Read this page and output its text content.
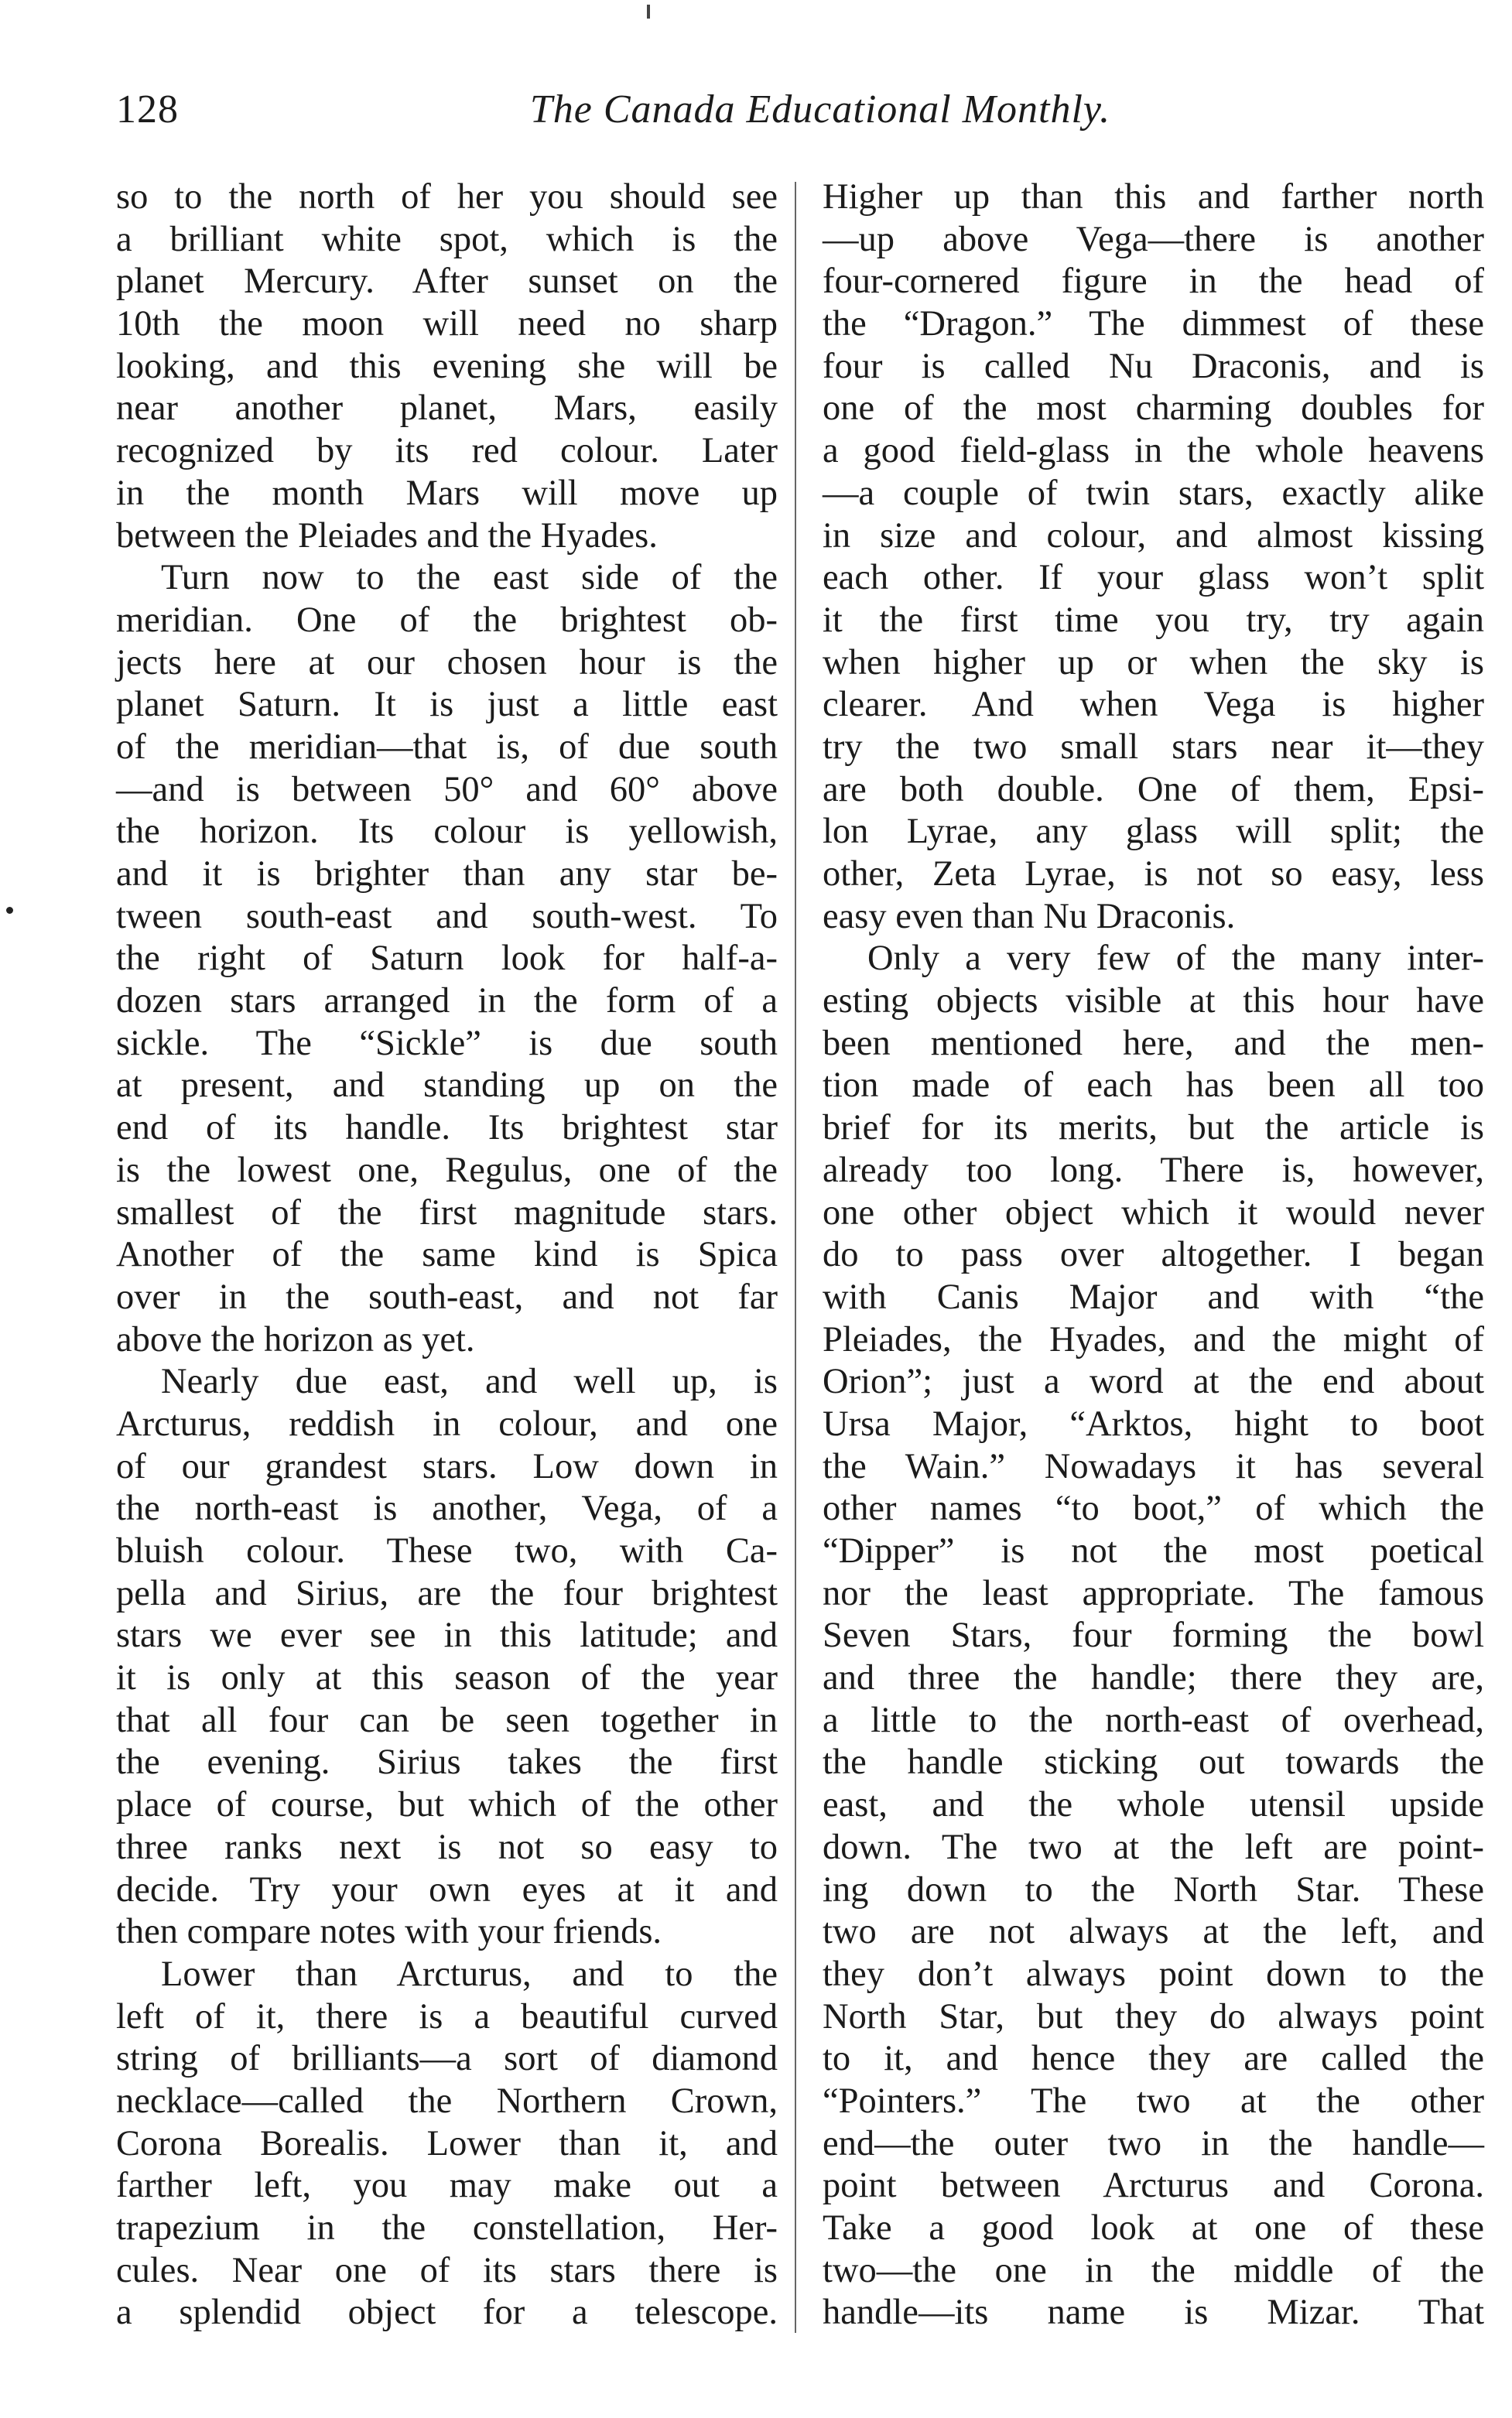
128	The Canada Educational Monthly.
so to the north of her you should see
a brilliant white spot, which is the
planet Mercury. After sunset on the
10th the moon will need no sharp
looking, and this evening she will be
near another planet, Mars, easily
recognized by its red colour. Later
in the month Mars will move up
between the Pleiades and the Hyades.
Turn now to the east side of the
meridian. One of the brightest ob-
jects here at our chosen hour is the
planet Saturn. It is just a little east
of the meridian—that is, of due south
—and is between 50° and 60° above
the horizon. Its colour is yellowish,
and it is brighter than any star be-
tween south-east and south-west. To
the right of Saturn look for half-a-
dozen stars arranged in the form of a
sickle. The “Sickle” is due south
at present, and standing up on the
end of its handle. Its brightest star
is the lowest one, Regulus, one of the
smallest of the first magnitude stars.
Another of the same kind is Spica
over in the south-east, and not far
above the horizon as yet.
Nearly due east, and well up, is
Arcturus, reddish in colour, and one
of our grandest stars. Low down in
the north-east is another, Vega, of a
bluish colour. These two, with Ca-
pella and Sirius, are the four brightest
stars we ever see in this latitude; and
it is only at this season of the year
that all four can be seen together in
the evening. Sirius takes the first
place of course, but which of the other
three ranks next is not so easy to
decide. Try your own eyes at it and
then compare notes with your friends.
Lower than Arcturus, and to the
left of it, there is a beautiful curved
string of brilliants—a sort of diamond
necklace—called the Northern Crown,
Corona Borealis. Lower than it, and
farther left, you may make out a
trapezium in the constellation, Her-
cules. Near one of its stars there is
a splendid object for a telescope.
Higher up than this and farther north
—up above Vega—there is another
four-cornered figure in the head of
the “Dragon.” The dimmest of these
four is called Nu Draconis, and is
one of the most charming doubles for
a good field-glass in the whole heavens
—a couple of twin stars, exactly alike
in size and colour, and almost kissing
each other. If your glass won’t split
it the first time you try, try again
when higher up or when the sky is
clearer. And when Vega is higher
try the two small stars near it—they
are both double. One of them, Epsi-
lon Lyrae, any glass will split; the
other, Zeta Lyrae, is not so easy, less
easy even than Nu Draconis.
Only a very few of the many inter-
esting objects visible at this hour have
been mentioned here, and the men-
tion made of each has been all too
brief for its merits, but the article is
already too long. There is, however,
one other object which it would never
do to pass over altogether. I began
with Canis Major and with “the
Pleiades, the Hyades, and the might of
Orion”; just a word at the end about
Ursa Major, “Arktos, hight to boot
the Wain.” Nowadays it has several
other names “to boot,” of which the
“Dipper” is not the most poetical
nor the least appropriate. The famous
Seven Stars, four forming the bowl
and three the handle; there they are,
a little to the north-east of overhead,
the handle sticking out towards the
east, and the whole utensil upside
down. The two at the left are point-
ing down to the North Star. These
two are not always at the left, and
they don’t always point down to the
North Star, but they do always point
to it, and hence they are called the
“Pointers.” The two at the other
end—the outer two in the handle—
point between Arcturus and Corona.
Take a good look at one of these
two—the one in the middle of the
handle—its name is Mizar. That
